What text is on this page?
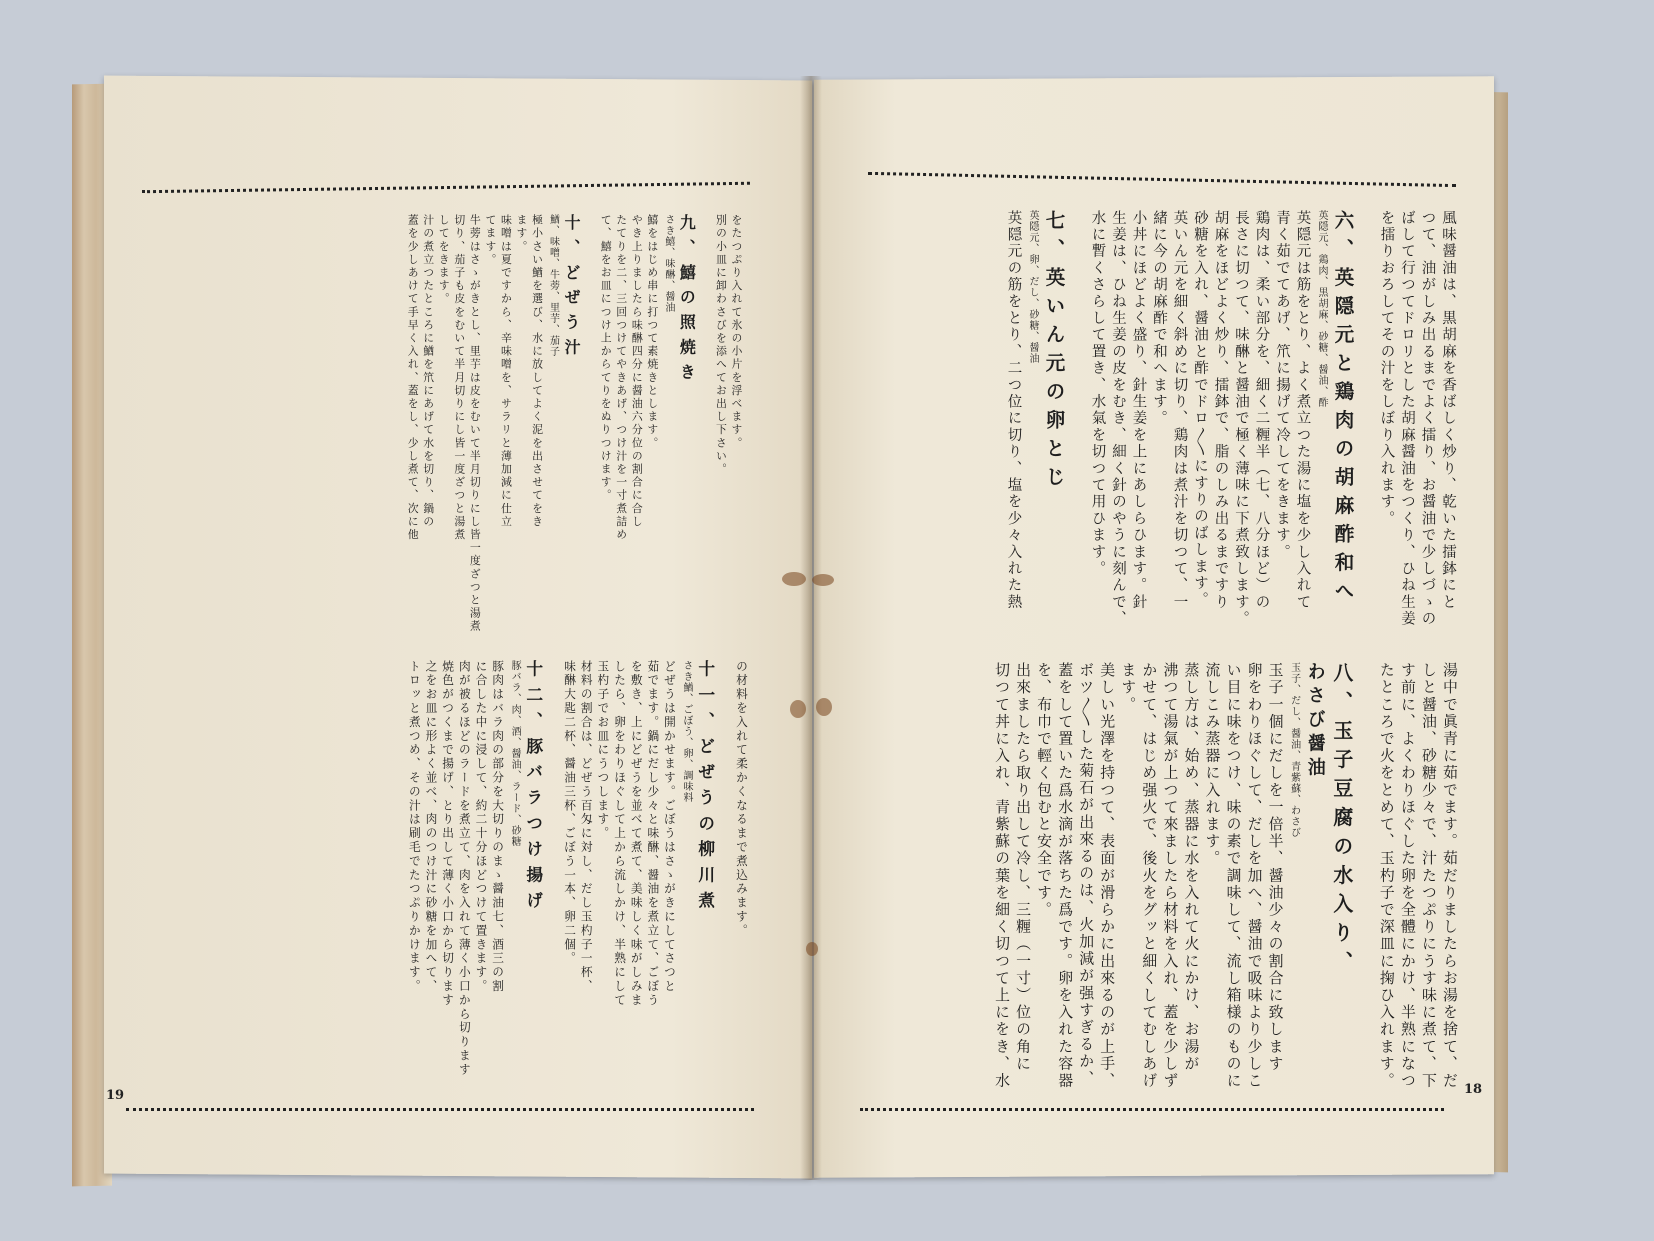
19	18
風味醤油は、黒胡麻を香ばしく炒り、乾いた擂鉢にと
つて、油がしみ出るまでよく擂り、お醤油で少しづゝの
ばして行つてドロリとした胡麻醤油をつくり、ひね生姜
を擂りおろしてその汁をしぼり入れます。
六、英隠元と鶏肉の胡麻酢和へ
英隠元、鶏肉、黒胡麻、砂糖、醤油、酢
英隠元は筋をとり、よく煮立つた湯に塩を少し入れて
青く茹でてあげ、笊に揚げて冷してをきます。
鶏肉は、柔い部分を、細く二糎半（七、八分ほど）の
長さに切つて、味醂と醤油で極く薄味に下煮致します。
胡麻をほどよく炒り、擂鉢で、脂のしみ出るまですり
砂糖を入れ、醤油と酢でドロ〳〵にすりのばします。
英いん元を細く斜めに切り、鶏肉は煮汁を切つて、一
緒に今の胡麻酢で和へます。
小丼にほどよく盛り、針生姜を上にあしらひます。針
生姜は、ひね生姜の皮をむき、細く針のやうに刻んで、
水に暫くさらして置き、水氣を切つて用ひます。
七、英いん元の卵とじ
英隠元、卵、だし、砂糖、醤油
英隠元の筋をとり、二つ位に切り、塩を少々入れた熱
湯中で眞青に茹でます。茹だりましたらお湯を捨て、だ
しと醤油、砂糖少々で、汁たつぷりにうす味に煮て、下
す前に、よくわりほぐした卵を全體にかけ、半熟になつ
たところで火をとめて、玉杓子で深皿に掬ひ入れます。
八、玉子豆腐の水入り、
わさび醤油
玉子、だし、醤油、青紫蘇、わさび
玉子一個にだしを一倍半、醤油少々の割合に致します
卵をわりほぐして、だしを加へ、醤油で吸味より少しこ
い目に味をつけ、味の素で調味して、流し箱様のものに
流しこみ蒸器に入れます。
蒸し方は、始め、蒸器に水を入れて火にかけ、お湯が
沸つて湯氣が上つて來ましたら材料を入れ、蓋を少しず
かせて、はじめ强火で、後火をグッと細くしてむしあげ
ます。
美しい光澤を持つて、表面が滑らかに出來るのが上手、
ボツ〳〵した菊石が出來るのは、火加減が强すぎるか、
蓋をして置いた爲水滴が落ちた爲です。卵を入れた容器
を、布巾で輕く包むと安全です。
出來ましたら取り出して冷し、三糎（一寸）位の角に
切つて丼に入れ、青紫蘇の葉を細く切つて上にをき、水
をたつぷり入れて氷の小片を浮べます。
別の小皿に卸わさびを添へてお出し下さい。
九、鱚の照焼き
さき鱚、味醂、醤油
鱚をはじめ串に打つて素焼きとします。
やき上りましたら味醂四分に醤油六分位の割合に合し
たてりを二、三回つけてやきあげ、つけ汁を一寸煮詰め
て、鱚をお皿につけ上からてりをぬりつけます。
十、どぜう汁
鰌、味噌、牛蒡、里芋、茄子
極小さい鰌を選び、水に放してよく泥を出させてをき
ます。
味噌は夏ですから、辛味噌を、サラリと薄加減に仕立
てます。
牛蒡はさゝがきとし、里芋は皮をむいて半月切りにし皆一度ざつと湯煮
切り、茄子も皮をむいて半月切りにし皆一度ざつと湯煮
してをきます。
汁の煮立つたところに鰌を笊にあげて水を切り、鍋の
蓋を少しあけて手早く入れ、蓋をし、少し煮て、次に他
の材料を入れて柔かくなるまで煮込みます。
十一、どぜうの柳川煮
さき鰌、ごぼう、卵、調味料
どぜうは開かせます。ごぼうはさゝがきにしてさつと
茹でます。鍋にだし少々と味醂、醤油を煮立て、ごぼう
を敷き、上にどぜうを並べて煮て、美味しく味がしみま
したら、卵をわりほぐして上から流しかけ、半熟にして
玉杓子でお皿にうつします。
材料の割合は、どぜう百匁に対し、だし玉杓子一杯、
味醂大匙二杯、醤油三杯、ごぼう一本、卵二個。
十二、豚バラつけ揚げ
豚バラ、肉、酒、醤油、ラード、砂糖
豚肉はバラ肉の部分を大切りのまゝ醤油七、酒三の割
に合した中に浸して、約二十分ほどつけて置きます。
肉が被るほどのラードを煮立て、肉を入れて薄く小口から切ります
焼色がつくまで揚げ、とり出して薄く小口から切ります
之をお皿に形よく並べ、肉のつけ汁に砂糖を加へて、
トロッと煮つめ、その汁は刷毛でたつぷりかけます。
